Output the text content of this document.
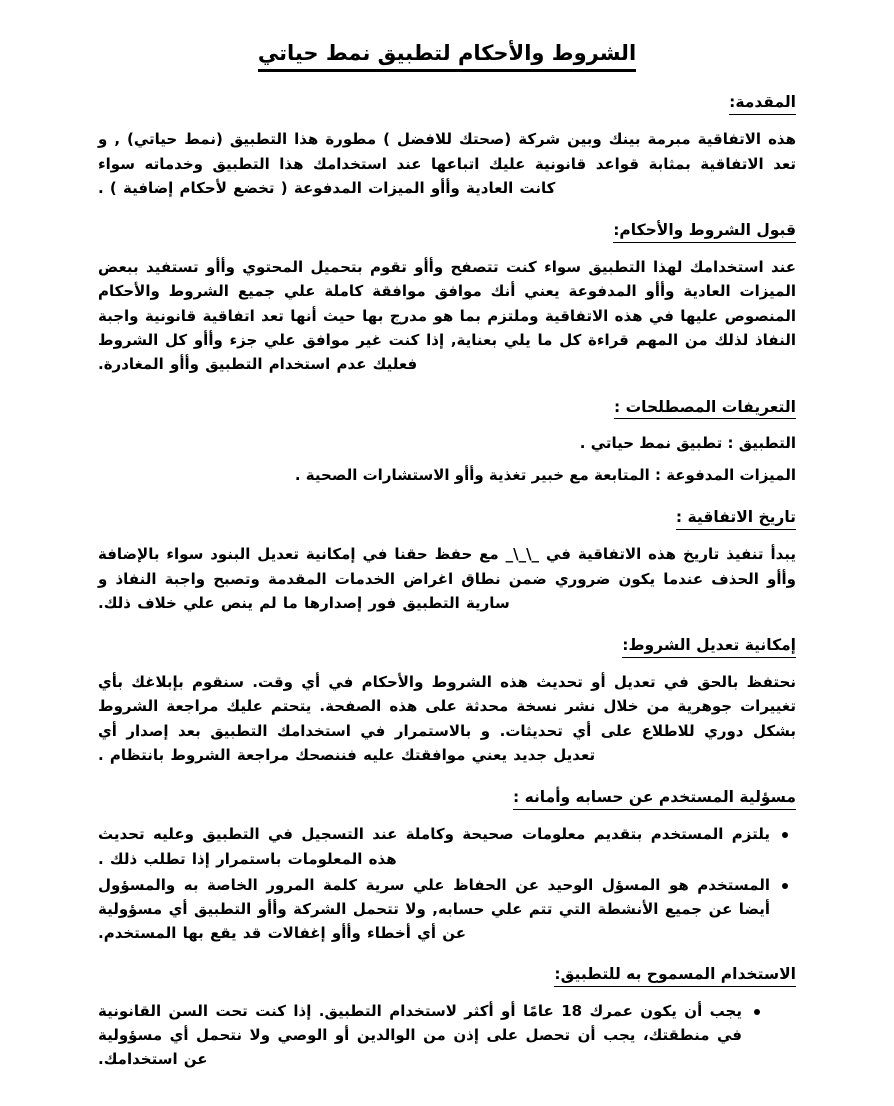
الشروط والأحكام لتطبيق نمط حياتي
المقدمة:

هذه الاتفاقية مبرمة بينك وبين شركة (صحتك للافضل ) مطورة هذا التطبيق (نمط حياتي) , و تعد الاتفاقية بمثابة قواعد قانونية عليك اتباعها عند استخدامك هذا التطبيق وخدماته سواء كانت العادية وأأو الميزات المدفوعة ( تخضع لأحكام إضافية ) .

قبول الشروط والأحكام:

عند استخدامك لهذا التطبيق سواء كنت تتصفح وأأو تقوم بتحميل المحتوي وأأو تستفيد ببعض الميزات العادية وأأو المدفوعة يعني أنك موافق موافقة كاملة علي جميع الشروط والأحكام المنصوص عليها في هذه الاتفاقية وملتزم بما هو مدرج بها حيث أنها تعد اتفاقية قانونية واجبة النفاذ لذلك من المهم قراءة كل ما يلي بعناية, إذا كنت غير موافق علي جزء وأأو كل الشروط فعليك عدم استخدام التطبيق وأأو المغادرة.

التعريفات المصطلحات :

التطبيق : تطبيق نمط حياتي .

الميزات المدفوعة : المتابعة مع خبير تغذية وأأو الاستشارات الصحية .

تاريخ الاتفاقية :

يبدأ تنفيذ تاريخ هذه الاتفاقية في _\_\_ مع حفظ حقنا في إمكانية تعديل البنود سواء بالإضافة وأأو الحذف عندما يكون ضروري ضمن نطاق اغراض الخدمات المقدمة وتصبح واجبة النفاذ و سارية التطبيق فور إصدارها ما لم ينص علي خلاف ذلك.

إمكانية تعديل الشروط:

نحتفظ بالحق في تعديل أو تحديث هذه الشروط والأحكام في أي وقت. سنقوم بإبلاغك بأي تغييرات جوهرية من خلال نشر نسخة محدثة على هذه الصفحة. يتحتم عليك مراجعة الشروط بشكل دوري للاطلاع على أي تحديثات. و بالاستمرار في استخدامك التطبيق بعد إصدار أي تعديل جديد يعني موافقتك عليه فننصحك مراجعة الشروط بانتظام .

مسؤلية المستخدم عن حسابه وأمانه :
يلتزم المستخدم بتقديم معلومات صحيحة وكاملة عند التسجيل في التطبيق وعليه تحديث هذه المعلومات باستمرار إذا تطلب ذلك .
المستخدم هو المسؤل الوحيد عن الحفاظ علي سرية كلمة المرور الخاصة به والمسؤول أيضا عن جميع الأنشطة التي تتم علي حسابه, ولا تتحمل الشركة وأأو التطبيق أي مسؤولية عن أي أخطاء وأأو إغفالات قد يقع بها المستخدم.
الاستخدام المسموح به للتطبيق:
يجب أن يكون عمرك 18 عامًا أو أكثر لاستخدام التطبيق. إذا كنت تحت السن القانونية في منطقتك، يجب أن تحصل على إذن من الوالدين أو الوصي ولا نتحمل أي مسؤولية عن استخدامك.
